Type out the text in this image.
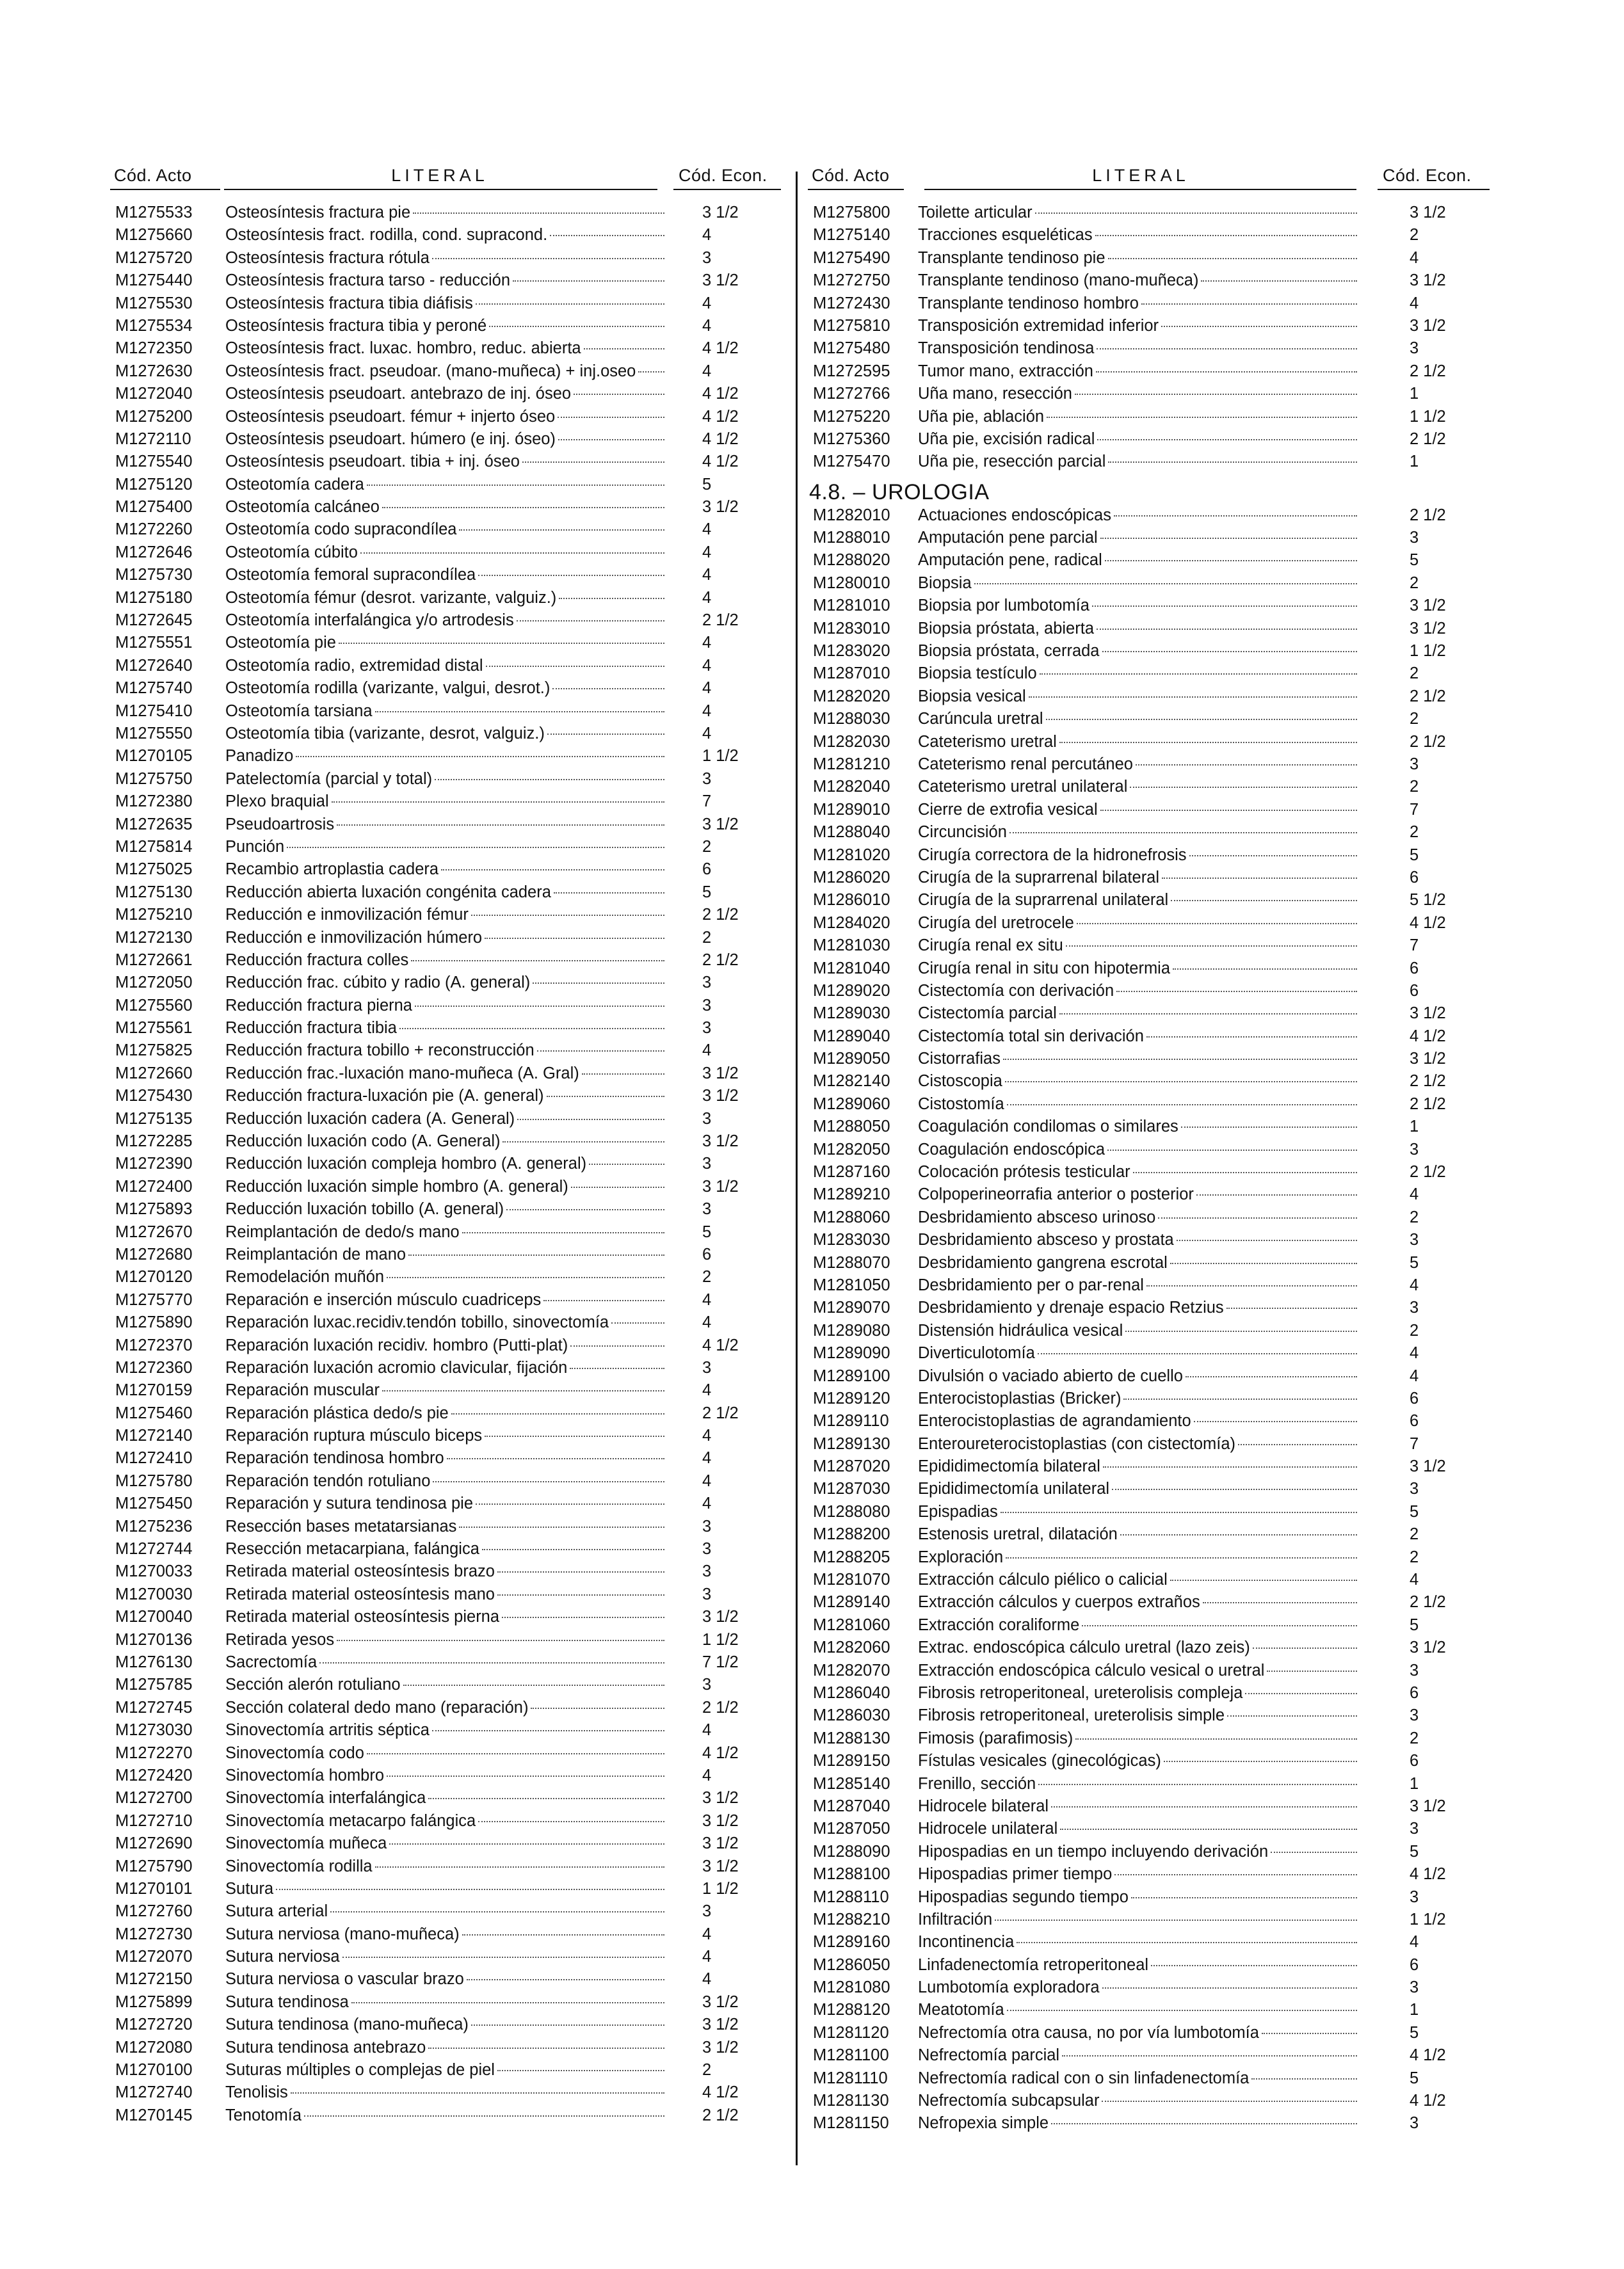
Cód. Acto	LITERAL	Cód. Econ.
M1275533 Osteosíntesis fractura pie	3 1/2
M1275660 Osteosíntesis fract. rodilla, cond. supracond.	4
M1275720 Osteosíntesis fractura rótula	3
M1275440 Osteosíntesis fractura tarso - reducción	3 1/2
M1275530 Osteosíntesis fractura tibia diáfisis	4
M1275534 Osteosíntesis fractura tibia y peroné	4
M1272350 Osteosíntesis fract. luxac. hombro, reduc. abierta	4 1/2
M1272630 Osteosíntesis fract. pseudoar. (mano-muñeca) + inj.oseo	4
M1272040 Osteosíntesis pseudoart. antebrazo de inj. óseo	4 1/2
M1275200 Osteosíntesis pseudoart. fémur + injerto óseo	4 1/2
M1272110 Osteosíntesis pseudoart. húmero (e inj. óseo)	4 1/2
M1275540 Osteosíntesis pseudoart. tibia + inj. óseo	4 1/2
M1275120 Osteotomía cadera	5
M1275400 Osteotomía calcáneo	3 1/2
M1272260 Osteotomía codo supracondílea	4
M1272646 Osteotomía cúbito	4
M1275730 Osteotomía femoral supracondílea	4
M1275180 Osteotomía fémur (desrot. varizante, valguiz.)	4
M1272645 Osteotomía interfalángica y/o artrodesis	2 1/2
M1275551 Osteotomía pie	4
M1272640 Osteotomía radio, extremidad distal	4
M1275740 Osteotomía rodilla (varizante, valgui, desrot.)	4
M1275410 Osteotomía tarsiana	4
M1275550 Osteotomía tibia (varizante, desrot, valguiz.)	4
M1270105 Panadizo	1 1/2
M1275750 Patelectomía (parcial y total)	3
M1272380 Plexo braquial	7
M1272635 Pseudoartrosis	3 1/2
M1275814 Punción	2
M1275025 Recambio artroplastia cadera	6
M1275130 Reducción abierta luxación congénita cadera	5
M1275210 Reducción e inmovilización fémur	2 1/2
M1272130 Reducción e inmovilización húmero	2
M1272661 Reducción fractura colles	2 1/2
M1272050 Reducción frac. cúbito y radio (A. general)	3
M1275560 Reducción fractura pierna	3
M1275561 Reducción fractura tibia	3
M1275825 Reducción fractura tobillo + reconstrucción	4
M1272660 Reducción frac.-luxación mano-muñeca (A. Gral)	3 1/2
M1275430 Reducción fractura-luxación pie (A. general)	3 1/2
M1275135 Reducción luxación cadera (A. General)	3
M1272285 Reducción luxación codo (A. General)	3 1/2
M1272390 Reducción luxación compleja hombro (A. general)	3
M1272400 Reducción luxación simple hombro (A. general)	3 1/2
M1275893 Reducción luxación tobillo (A. general)	3
M1272670 Reimplantación de dedo/s mano	5
M1272680 Reimplantación de mano	6
M1270120 Remodelación muñón	2
M1275770 Reparación e inserción músculo cuadriceps	4
M1275890 Reparación luxac.recidiv.tendón tobillo, sinovectomía	4
M1272370 Reparación luxación recidiv. hombro (Putti-plat)	4 1/2
M1272360 Reparación luxación acromio clavicular, fijación	3
M1270159 Reparación muscular	4
M1275460 Reparación plástica dedo/s pie	2 1/2
M1272140 Reparación ruptura músculo biceps	4
M1272410 Reparación tendinosa hombro	4
M1275780 Reparación tendón rotuliano	4
M1275450 Reparación y sutura tendinosa pie	4
M1275236 Resección bases metatarsianas	3
M1272744 Resección metacarpiana, falángica	3
M1270033 Retirada material osteosíntesis brazo	3
M1270030 Retirada material osteosíntesis mano	3
M1270040 Retirada material osteosíntesis pierna	3 1/2
M1270136 Retirada yesos	1 1/2
M1276130 Sacrectomía	7 1/2
M1275785 Sección alerón rotuliano	3
M1272745 Sección colateral dedo mano (reparación)	2 1/2
M1273030 Sinovectomía artritis séptica	4
M1272270 Sinovectomía codo	4 1/2
M1272420 Sinovectomía hombro	4
M1272700 Sinovectomía interfalángica	3 1/2
M1272710 Sinovectomía metacarpo falángica	3 1/2
M1272690 Sinovectomía muñeca	3 1/2
M1275790 Sinovectomía rodilla	3 1/2
M1270101 Sutura	1 1/2
M1272760 Sutura arterial	3
M1272730 Sutura nerviosa (mano-muñeca)	4
M1272070 Sutura nerviosa	4
M1272150 Sutura nerviosa o vascular brazo	4
M1275899 Sutura tendinosa	3 1/2
M1272720 Sutura tendinosa (mano-muñeca)	3 1/2
M1272080 Sutura tendinosa antebrazo	3 1/2
M1270100 Suturas múltiples o complejas de piel	2
M1272740 Tenolisis	4 1/2
M1270145 Tenotomía	2 1/2
Cód. Acto	LITERAL	Cód. Econ.
M1275800 Toilette articular	3 1/2
M1275140 Tracciones esqueléticas	2
M1275490 Transplante tendinoso pie	4
M1272750 Transplante tendinoso (mano-muñeca)	3 1/2
M1272430 Transplante tendinoso hombro	4
M1275810 Transposición extremidad inferior	3 1/2
M1275480 Transposición tendinosa	3
M1272595 Tumor mano, extracción	2 1/2
M1272766 Uña mano, resección	1
M1275220 Uña pie, ablación	1 1/2
M1275360 Uña pie, excisión radical	2 1/2
M1275470 Uña pie, resección parcial	1
4.8. – UROLOGIA
M1282010 Actuaciones endoscópicas	2 1/2
M1288010 Amputación pene parcial	3
M1288020 Amputación pene, radical	5
M1280010 Biopsia	2
M1281010 Biopsia por lumbotomía	3 1/2
M1283010 Biopsia próstata, abierta	3 1/2
M1283020 Biopsia próstata, cerrada	1 1/2
M1287010 Biopsia testículo	2
M1282020 Biopsia vesical	2 1/2
M1288030 Carúncula uretral	2
M1282030 Cateterismo uretral	2 1/2
M1281210 Cateterismo renal percutáneo	3
M1282040 Cateterismo uretral unilateral	2
M1289010 Cierre de extrofia vesical	7
M1288040 Circuncisión	2
M1281020 Cirugía correctora de la hidronefrosis	5
M1286020 Cirugía de la suprarrenal bilateral	6
M1286010 Cirugía de la suprarrenal unilateral	5 1/2
M1284020 Cirugía del uretrocele	4 1/2
M1281030 Cirugía renal ex situ	7
M1281040 Cirugía renal in situ con hipotermia	6
M1289020 Cistectomía con derivación	6
M1289030 Cistectomía parcial	3 1/2
M1289040 Cistectomía total sin derivación	4 1/2
M1289050 Cistorrafias	3 1/2
M1282140 Cistoscopia	2 1/2
M1289060 Cistostomía	2 1/2
M1288050 Coagulación condilomas o similares	1
M1282050 Coagulación endoscópica	3
M1287160 Colocación prótesis testicular	2 1/2
M1289210 Colpoperineorrafia anterior o posterior	4
M1288060 Desbridamiento absceso urinoso	2
M1283030 Desbridamiento absceso y prostata	3
M1288070 Desbridamiento gangrena escrotal	5
M1281050 Desbridamiento per o par-renal	4
M1289070 Desbridamiento y drenaje espacio Retzius	3
M1289080 Distensión hidráulica vesical	2
M1289090 Diverticulotomía	4
M1289100 Divulsión o vaciado abierto de cuello	4
M1289120 Enterocistoplastias (Bricker)	6
M1289110 Enterocistoplastias de agrandamiento	6
M1289130 Enteroureterocistoplastias (con cistectomía)	7
M1287020 Epididimectomía bilateral	3 1/2
M1287030 Epididimectomía unilateral	3
M1288080 Epispadias	5
M1288200 Estenosis uretral, dilatación	2
M1288205 Exploración	2
M1281070 Extracción cálculo piélico o calicial	4
M1289140 Extracción cálculos y cuerpos extraños	2 1/2
M1281060 Extracción coraliforme	5
M1282060 Extrac. endoscópica cálculo uretral (lazo zeis)	3 1/2
M1282070 Extracción endoscópica cálculo vesical o uretral	3
M1286040 Fibrosis retroperitoneal, ureterolisis compleja	6
M1286030 Fibrosis retroperitoneal, ureterolisis simple	3
M1288130 Fimosis (parafimosis)	2
M1289150 Fístulas vesicales (ginecológicas)	6
M1285140 Frenillo, sección	1
M1287040 Hidrocele bilateral	3 1/2
M1287050 Hidrocele unilateral	3
M1288090 Hipospadias en un tiempo incluyendo derivación	5
M1288100 Hipospadias primer tiempo	4 1/2
M1288110 Hipospadias segundo tiempo	3
M1288210 Infiltración	1 1/2
M1289160 Incontinencia	4
M1286050 Linfadenectomía retroperitoneal	6
M1281080 Lumbotomía exploradora	3
M1288120 Meatotomía	1
M1281120 Nefrectomía otra causa, no por vía lumbotomía	5
M1281100 Nefrectomía parcial	4 1/2
M1281110 Nefrectomía radical con o sin linfadenectomía	5
M1281130 Nefrectomía subcapsular	4 1/2
M1281150 Nefropexia simple	3
